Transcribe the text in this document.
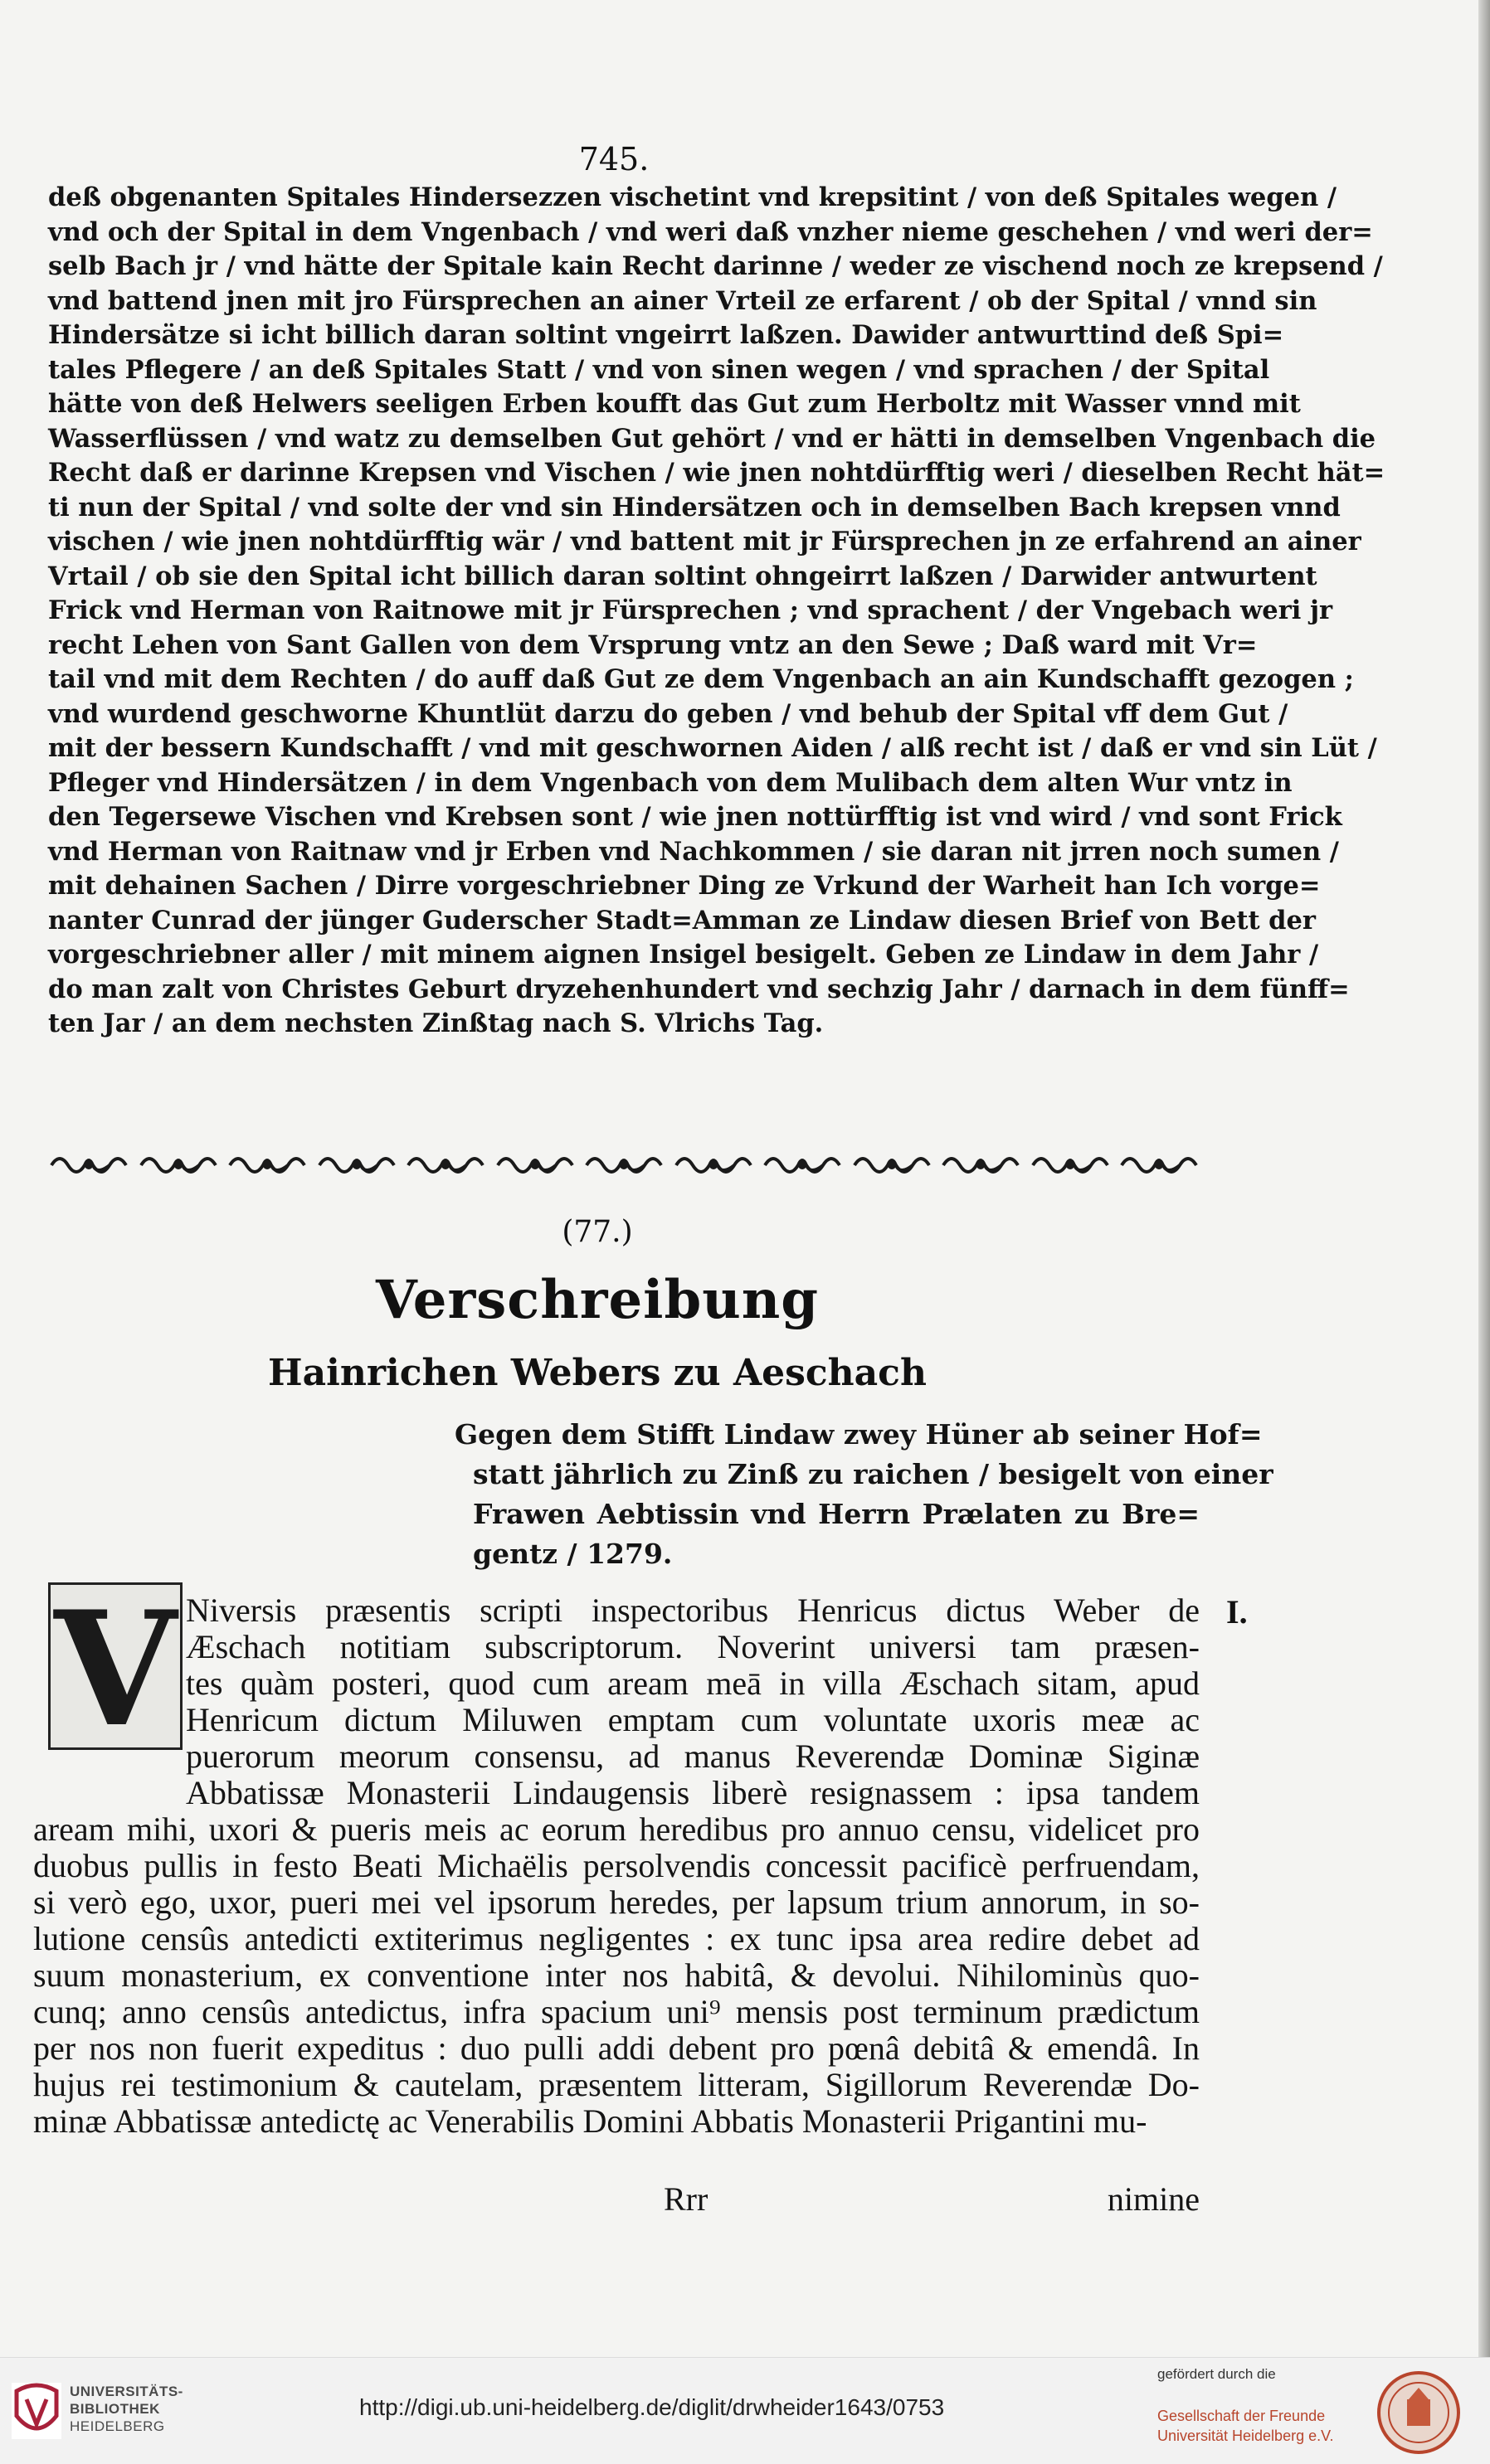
745.
deß obgenanten Spitales Hindersezzen vischetint vnd krepsitint / von deß Spitales wegen /
vnd och der Spital in dem Vngenbach / vnd weri daß vnzher nieme geschehen / vnd weri der=
selb Bach jr / vnd hätte der Spitale kain Recht darinne / weder ze vischend noch ze krepsend /
vnd battend jnen mit jro Fürsprechen an ainer Vrteil ze erfarent / ob der Spital / vnnd sin
Hindersätze si icht billich daran soltint vngeirrt laßzen. Dawider antwurttind deß Spi=
tales Pflegere / an deß Spitales Statt / vnd von sinen wegen / vnd sprachen / der Spital
hätte von deß Helwers seeligen Erben koufft das Gut zum Herboltz mit Wasser vnnd mit
Wasserflüssen / vnd watz zu demselben Gut gehört / vnd er hätti in demselben Vngenbach die
Recht daß er darinne Krepsen vnd Vischen / wie jnen nohtdürfftig weri / dieselben Recht hät=
ti nun der Spital / vnd solte der vnd sin Hindersätzen och in demselben Bach krepsen vnnd
vischen / wie jnen nohtdürfftig wär / vnd battent mit jr Fürsprechen jn ze erfahrend an ainer
Vrtail / ob sie den Spital icht billich daran soltint ohngeirrt laßzen / Darwider antwurtent
Frick vnd Herman von Raitnowe mit jr Fürsprechen ; vnd sprachent / der Vngebach weri jr
recht Lehen von Sant Gallen von dem Vrsprung vntz an den Sewe ; Daß ward mit Vr=
tail vnd mit dem Rechten / do auff daß Gut ze dem Vngenbach an ain Kundschafft gezogen ;
vnd wurdend geschworne Khuntlüt darzu do geben / vnd behub der Spital vff dem Gut /
mit der bessern Kundschafft / vnd mit geschwornen Aiden / alß recht ist / daß er vnd sin Lüt /
Pfleger vnd Hindersätzen / in dem Vngenbach von dem Mulibach dem alten Wur vntz in
den Tegersewe Vischen vnd Krebsen sont / wie jnen nottürfftig ist vnd wird / vnd sont Frick
vnd Herman von Raitnaw vnd jr Erben vnd Nachkommen / sie daran nit jrren noch sumen /
mit dehainen Sachen / Dirre vorgeschriebner Ding ze Vrkund der Warheit han Ich vorge=
nanter Cunrad der jünger Guderscher Stadt=Amman ze Lindaw diesen Brief von Bett der
vorgeschriebner aller / mit minem aignen Insigel besigelt. Geben ze Lindaw in dem Jahr /
do man zalt von Christes Geburt dryzehenhundert vnd sechzig Jahr / darnach in dem fünff=
ten Jar / an dem nechsten Zinßtag nach S. Vlrichs Tag.
(77.)
Verschreibung
Hainrichen Webers zu Aeschach
Gegen dem Stifft Lindaw zwey Hüner ab seiner Hof=
statt jährlich zu Zinß zu raichen / besigelt von einer
Frawen Aebtissin vnd Herrn Prælaten zu Bre=
gentz / 1279.
V Niversis præsentis scripti inspectoribus Henricus dictus Weber de
Æschach notitiam subscriptorum. Noverint universi tam præsen-
tes quàm posteri, quod cum aream meā in villa Æschach sitam, apud
Henricum dictum Miluwen emptam cum voluntate uxoris meæ ac
puerorum meorum consensu, ad manus Reverendæ Dominæ Siginæ
Abbatissæ Monasterii Lindaugensis liberè resignassem : ipsa tandem
aream mihi, uxori & pueris meis ac eorum heredibus pro annuo censu, videlicet pro
duobus pullis in festo Beati Michaëlis persolvendis concessit pacificè perfruendam,
si verò ego, uxor, pueri mei vel ipsorum heredes, per lapsum trium annorum, in so-
lutione censûs antedicti extiterimus negligentes : ex tunc ipsa area redire debet ad
suum monasterium, ex conventione inter nos habitâ, & devolui. Nihilominùs quo-
cunq; anno censûs antedictus, infra spacium uni⁹ mensis post terminum prædictum
per nos non fuerit expeditus : duo pulli addi debent pro pœnâ debitâ & emendâ. In
hujus rei testimonium & cautelam, præsentem litteram, Sigillorum Reverendæ Do-
minæ Abbatissæ antedictę ac Venerabilis Domini Abbatis Monasterii Prigantini mu-
I.
Rrr	nimine
UNIVERSITÄTS-
BIBLIOTHEK
HEIDELBERG
http://digi.ub.uni-heidelberg.de/diglit/drwheider1643/0753
gefördert durch die
Gesellschaft der Freunde
Universität Heidelberg e.V.
